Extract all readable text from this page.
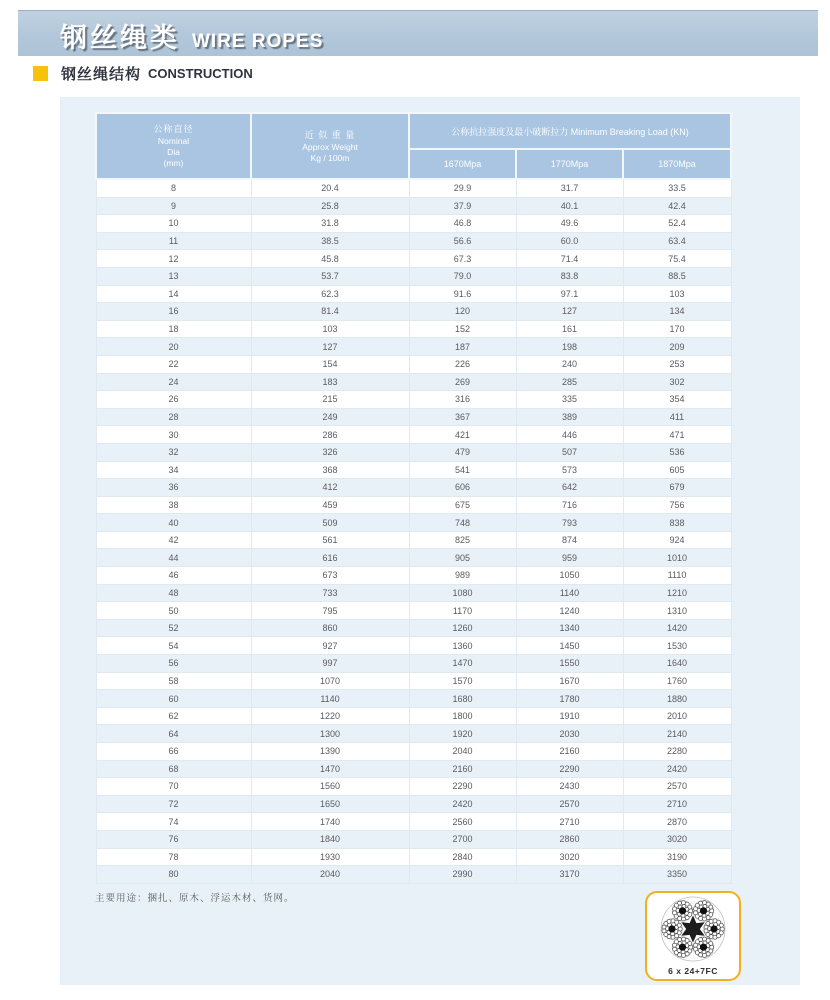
钢丝绳类 WIRE ROPES
钢丝绳结构 CONSTRUCTION
公称直径
Nominal
Dia
(mm)

近 似 重 量
Approx Weight
Kg / 100m
	公称抗拉强度及最小破断拉力 Minimum Breaking Load (KN)
		1670Mpa	1770Mpa	1870Mpa
8	20.4	29.9	31.7	33.5
9	25.8	37.9	40.1	42.4
10	31.8	46.8	49.6	52.4
11	38.5	56.6	60.0	63.4
12	45.8	67.3	71.4	75.4
13	53.7	79.0	83.8	88.5
14	62.3	91.6	97.1	103
16	81.4	120	127	134
18	103	152	161	170
20	127	187	198	209
22	154	226	240	253
24	183	269	285	302
26	215	316	335	354
28	249	367	389	411
30	286	421	446	471
32	326	479	507	536
34	368	541	573	605
36	412	606	642	679
38	459	675	716	756
40	509	748	793	838
42	561	825	874	924
44	616	905	959	1010
46	673	989	1050	1110
48	733	1080	1140	1210
50	795	1170	1240	1310
52	860	1260	1340	1420
54	927	1360	1450	1530
56	997	1470	1550	1640
58	1070	1570	1670	1760
60	1140	1680	1780	1880
62	1220	1800	1910	2010
64	1300	1920	2030	2140
66	1390	2040	2160	2280
68	1470	2160	2290	2420
70	1560	2290	2430	2570
72	1650	2420	2570	2710
74	1740	2560	2710	2870
76	1840	2700	2860	3020
78	1930	2840	3020	3190
80	2040	2990	3170	3350
主要用途：捆扎、原木、浮运木材、货网。
6 x 24+7FC
